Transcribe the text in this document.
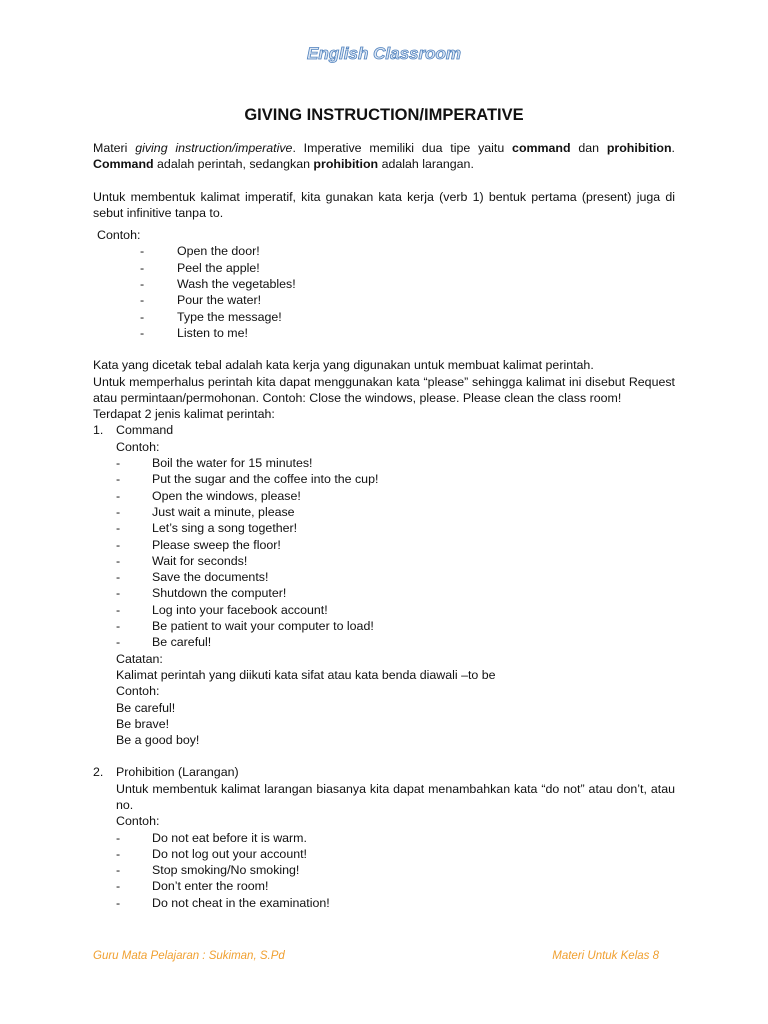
English Classroom
GIVING INSTRUCTION/IMPERATIVE

Materi giving instruction/imperative. Imperative memiliki dua tipe yaitu command dan prohibition. Command adalah perintah, sedangkan prohibition adalah larangan.

Untuk membentuk kalimat imperatif, kita gunakan kata kerja (verb 1) bentuk pertama (present) juga di sebut infinitive tanpa to.

Contoh:
-	Open the door!
-	Peel the apple!
-	Wash the vegetables!
-	Pour the water!
-	Type the message!
-	Listen to me!

Kata yang dicetak tebal adalah kata kerja yang digunakan untuk membuat kalimat perintah.

Untuk memperhalus perintah kita dapat menggunakan kata “please” sehingga kalimat ini disebut Request atau permintaan/permohonan. Contoh: Close the windows, please. Please clean the class room!

Terdapat 2 jenis kalimat perintah:

1.	Command
Contoh:
-	Boil the water for 15 minutes!
-	Put the sugar and the coffee into the cup!
-	Open the windows, please!
-	Just wait a minute, please
-	Let’s sing a song together!
-	Please sweep the floor!
-	Wait for seconds!
-	Save the documents!
-	Shutdown the computer!
-	Log into your facebook account!
-	Be patient to wait your computer to load!
-	Be careful!
Catatan:
Kalimat perintah yang diikuti kata sifat atau kata benda diawali –to be
Contoh:
Be careful!
Be brave!
Be a good boy!
2.	Prohibition (Larangan)

Untuk membentuk kalimat larangan biasanya kita dapat menambahkan kata “do not” atau don’t, atau no.

Contoh:
-	Do not eat before it is warm.
-	Do not log out your account!
-	Stop smoking/No smoking!
-	Don’t enter the room!
-	Do not cheat in the examination!
Guru Mata Pelajaran : Sukiman, S.Pd	Materi Untuk Kelas 8
